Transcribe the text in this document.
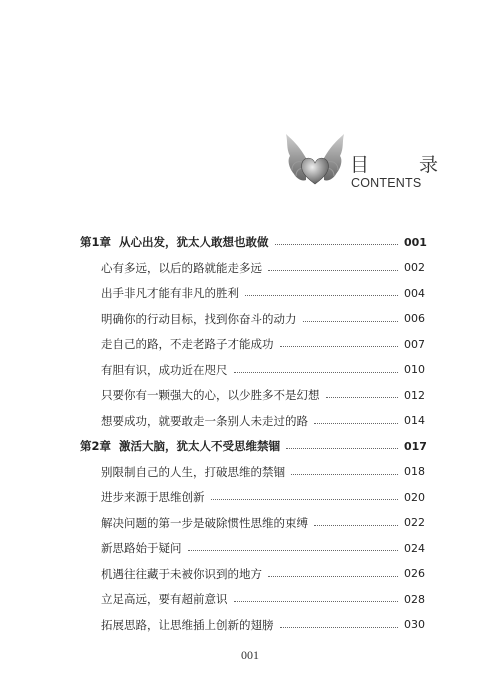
目 录
CONTENTS
第1章 从心出发，犹太人敢想也敢做	001
心有多远，以后的路就能走多远	002
出手非凡才能有非凡的胜利	004
明确你的行动目标，找到你奋斗的动力	006
走自己的路，不走老路子才能成功	007
有胆有识，成功近在咫尺	010
只要你有一颗强大的心，以少胜多不是幻想	012
想要成功，就要敢走一条别人未走过的路	014
第2章 激活大脑，犹太人不受思维禁锢	017
别限制自己的人生，打破思维的禁锢	018
进步来源于思维创新	020
解决问题的第一步是破除惯性思维的束缚	022
新思路始于疑问	024
机遇往往藏于未被你识到的地方	026
立足高远，要有超前意识	028
拓展思路，让思维插上创新的翅膀	030
001
